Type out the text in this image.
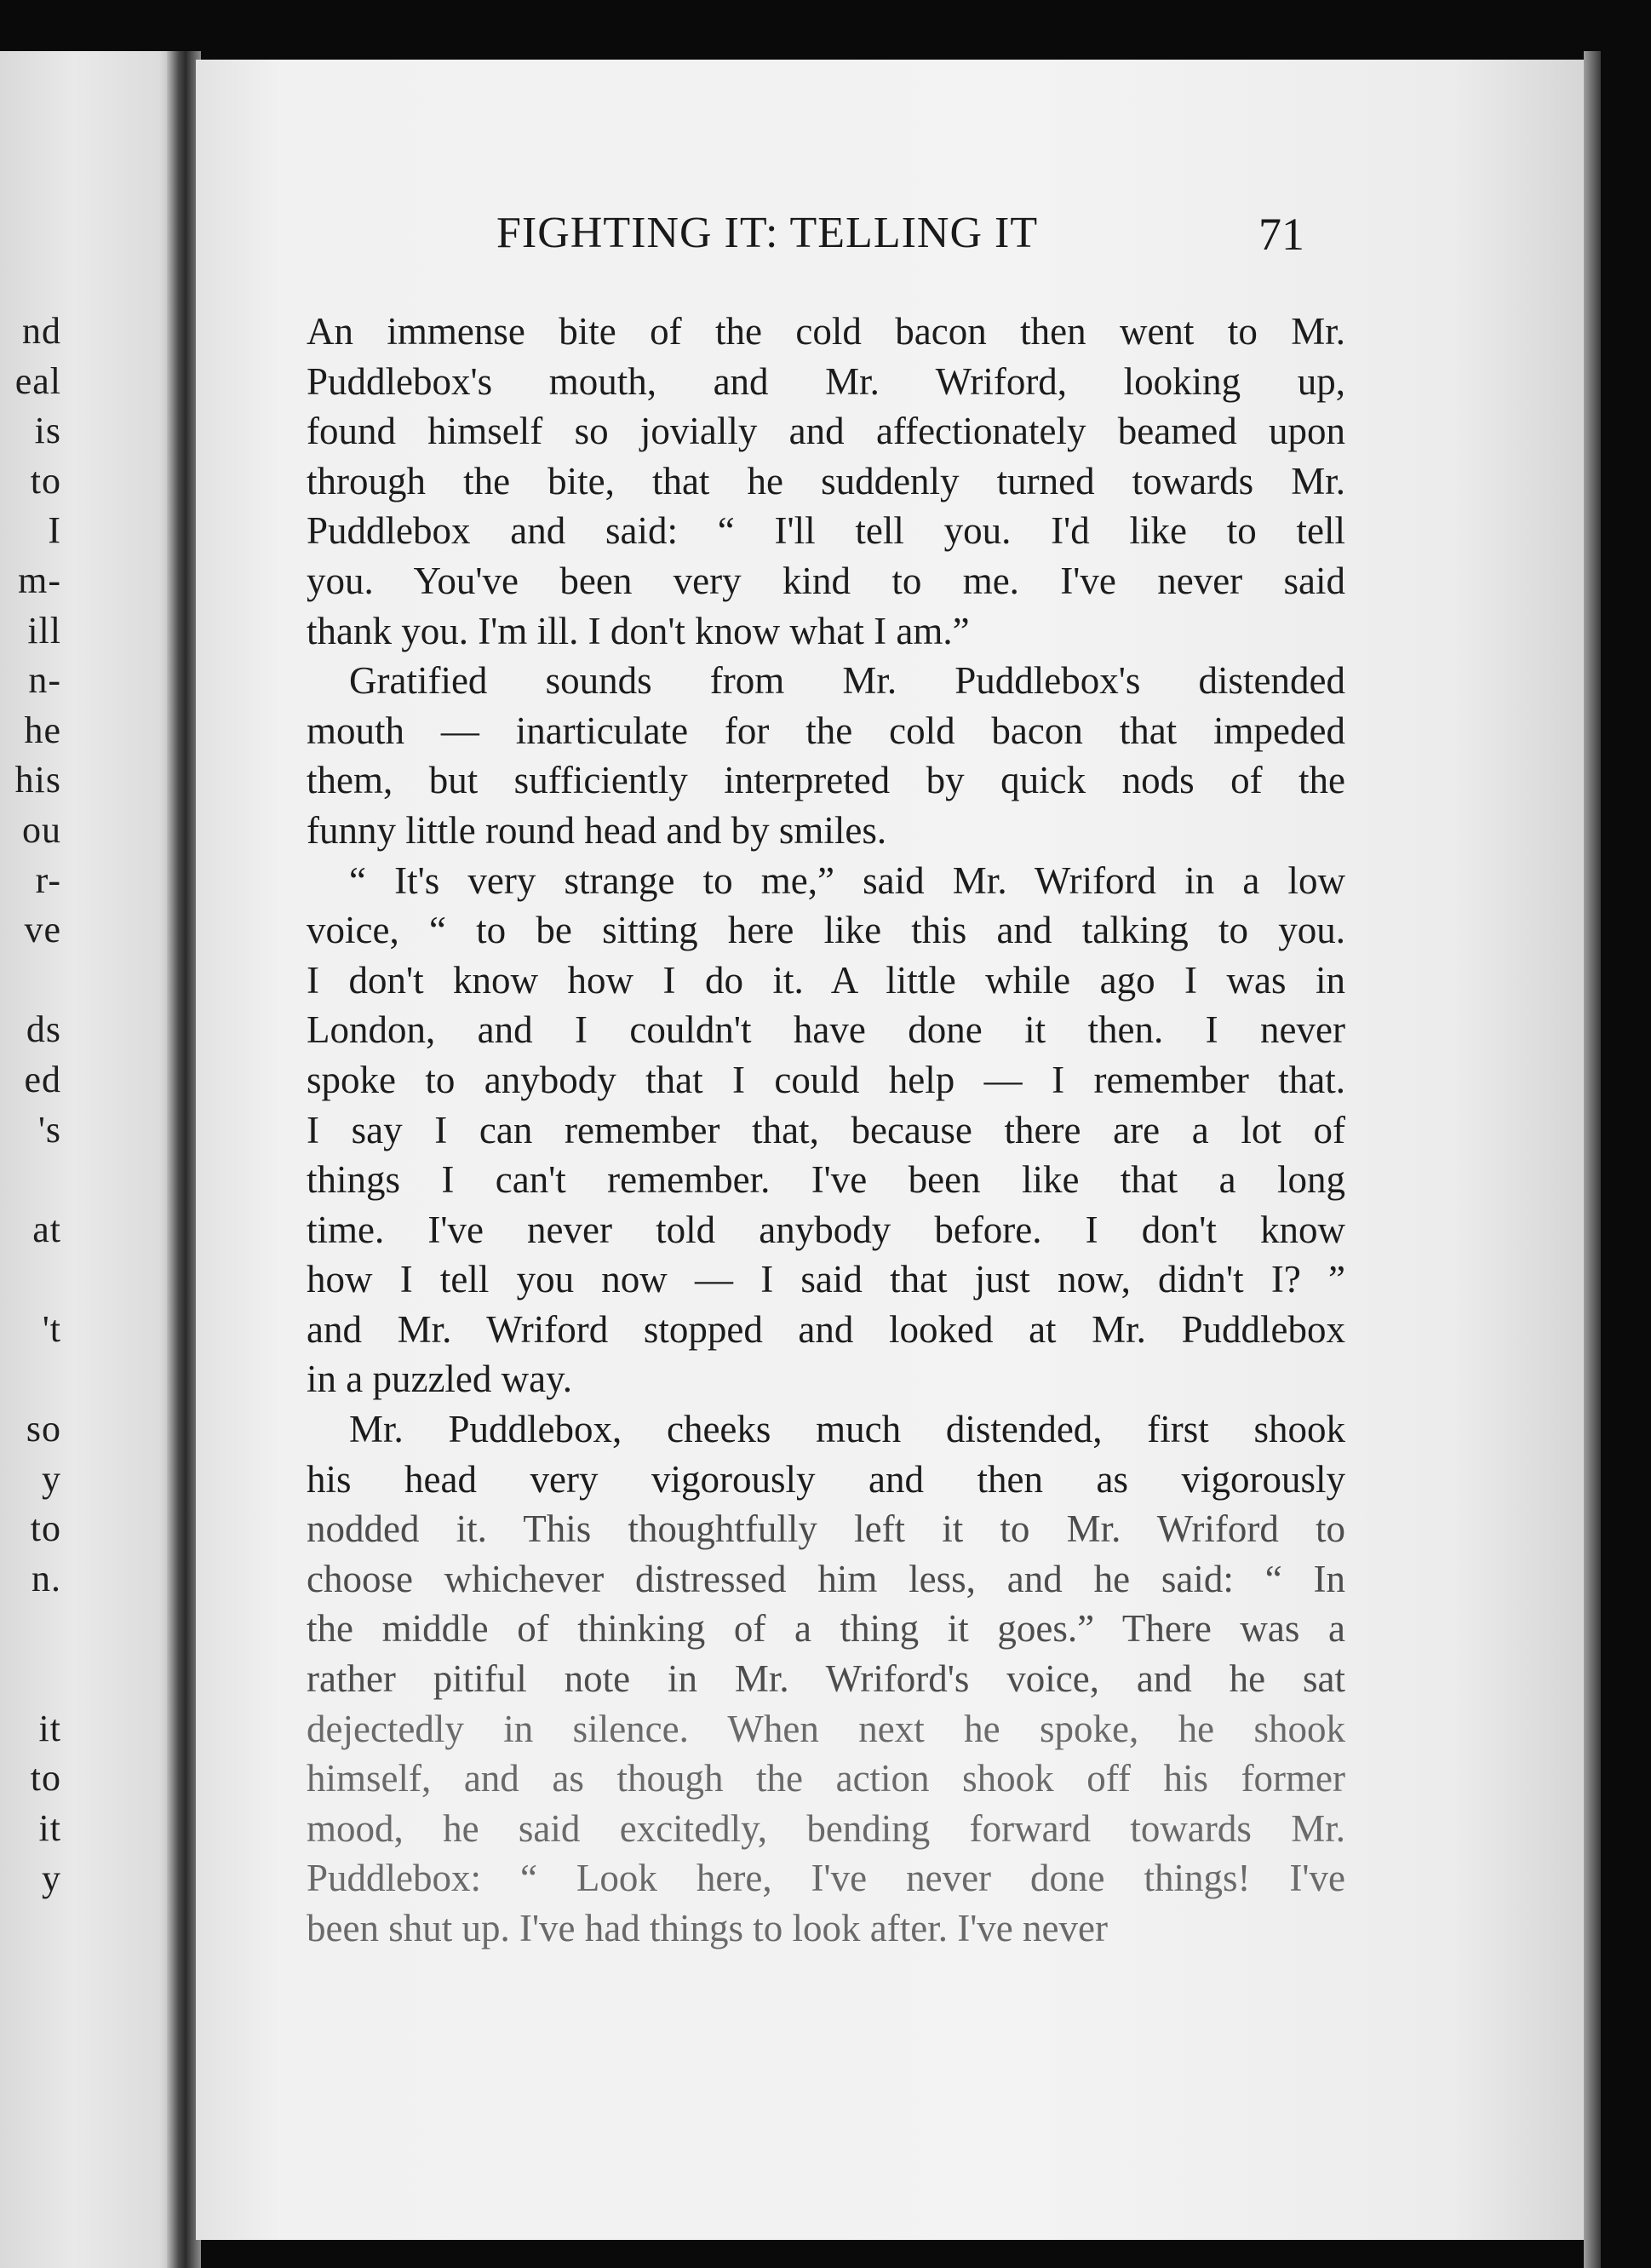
nd
eal
is
to
I
m-
ill
n-
he
his
ou
r-
ve
ds
ed
's
at
't
so
y
to
n.
it
to
it
y
FIGHTING IT: TELLING IT	71
An immense bite of the cold bacon then went to Mr.
Puddlebox's mouth, and Mr. Wriford, looking up,
found himself so jovially and affectionately beamed upon
through the bite, that he suddenly turned towards Mr.
Puddlebox and said: “ I'll tell you. I'd like to tell
you. You've been very kind to me. I've never said
thank you. I'm ill. I don't know what I am.”
Gratified sounds from Mr. Puddlebox's distended
mouth — inarticulate for the cold bacon that impeded
them, but sufficiently interpreted by quick nods of the
funny little round head and by smiles.
“ It's very strange to me,” said Mr. Wriford in a low
voice, “ to be sitting here like this and talking to you.
I don't know how I do it. A little while ago I was in
London, and I couldn't have done it then. I never
spoke to anybody that I could help — I remember that.
I say I can remember that, because there are a lot of
things I can't remember. I've been like that a long
time. I've never told anybody before. I don't know
how I tell you now — I said that just now, didn't I? ”
and Mr. Wriford stopped and looked at Mr. Puddlebox
in a puzzled way.
Mr. Puddlebox, cheeks much distended, first shook
his head very vigorously and then as vigorously
nodded it. This thoughtfully left it to Mr. Wriford to
choose whichever distressed him less, and he said: “ In
the middle of thinking of a thing it goes.” There was a
rather pitiful note in Mr. Wriford's voice, and he sat
dejectedly in silence. When next he spoke, he shook
himself, and as though the action shook off his former
mood, he said excitedly, bending forward towards Mr.
Puddlebox: “ Look here, I've never done things! I've
been shut up. I've had things to look after. I've never
